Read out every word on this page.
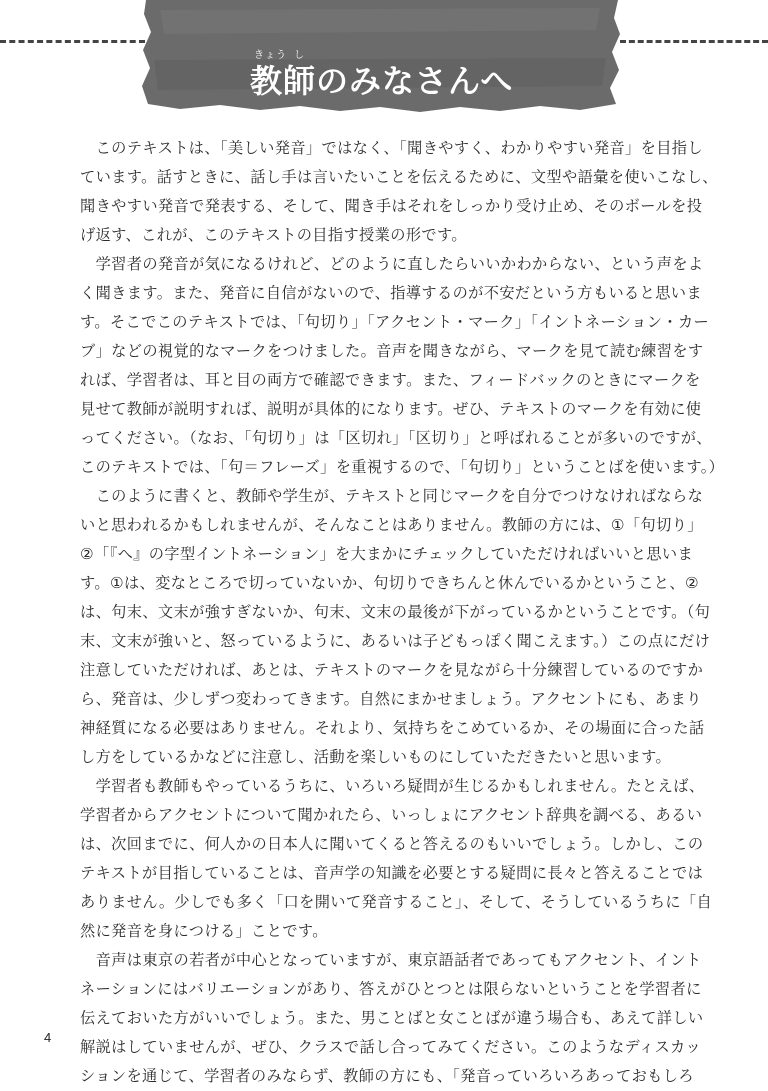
きょう し
教師のみなさんへ
　このテキストは、「美しい発音」ではなく、「聞きやすく、わかりやすい発音」を目指し
ています。話すときに、話し手は言いたいことを伝えるために、文型や語彙を使いこなし、
聞きやすい発音で発表する、そして、聞き手はそれをしっかり受け止め、そのボールを投
げ返す、これが、このテキストの目指す授業の形です。
　学習者の発音が気になるけれど、どのように直したらいいかわからない、という声をよ
く聞きます。また、発音に自信がないので、指導するのが不安だという方もいると思いま
す。そこでこのテキストでは、「句切り」「アクセント・マーク」「イントネーション・カー
ブ」などの視覚的なマークをつけました。音声を聞きながら、マークを見て読む練習をす
れば、学習者は、耳と目の両方で確認できます。また、フィードバックのときにマークを
見せて教師が説明すれば、説明が具体的になります。ぜひ、テキストのマークを有効に使
ってください。（なお、「句切り」は「区切れ」「区切り」と呼ばれることが多いのですが、
このテキストでは、「句＝フレーズ」を重視するので、「句切り」ということばを使います。）
　このように書くと、教師や学生が、テキストと同じマークを自分でつけなければならな
いと思われるかもしれませんが、そんなことはありません。教師の方には、①「句切り」
②「『へ』の字型イントネーション」を大まかにチェックしていただければいいと思いま
す。①は、変なところで切っていないか、句切りできちんと休んでいるかということ、②
は、句末、文末が強すぎないか、句末、文末の最後が下がっているかということです。（句
末、文末が強いと、怒っているように、あるいは子どもっぽく聞こえます。）この点にだけ
注意していただければ、あとは、テキストのマークを見ながら十分練習しているのですか
ら、発音は、少しずつ変わってきます。自然にまかせましょう。アクセントにも、あまり
神経質になる必要はありません。それより、気持ちをこめているか、その場面に合った話
し方をしているかなどに注意し、活動を楽しいものにしていただきたいと思います。
　学習者も教師もやっているうちに、いろいろ疑問が生じるかもしれません。たとえば、
学習者からアクセントについて聞かれたら、いっしょにアクセント辞典を調べる、あるい
は、次回までに、何人かの日本人に聞いてくると答えるのもいいでしょう。しかし、この
テキストが目指していることは、音声学の知識を必要とする疑問に長々と答えることでは
ありません。少しでも多く「口を開いて発音すること」、そして、そうしているうちに「自
然に発音を身につける」ことです。
　音声は東京の若者が中心となっていますが、東京語話者であってもアクセント、イント
ネーションにはバリエーションがあり、答えがひとつとは限らないということを学習者に
伝えておいた方がいいでしょう。また、男ことばと女ことばが違う場合も、あえて詳しい
解説はしていませんが、ぜひ、クラスで話し合ってみてください。このようなディスカッ
ションを通じて、学習者のみならず、教師の方にも、「発音っていろいろあっておもしろ
4
